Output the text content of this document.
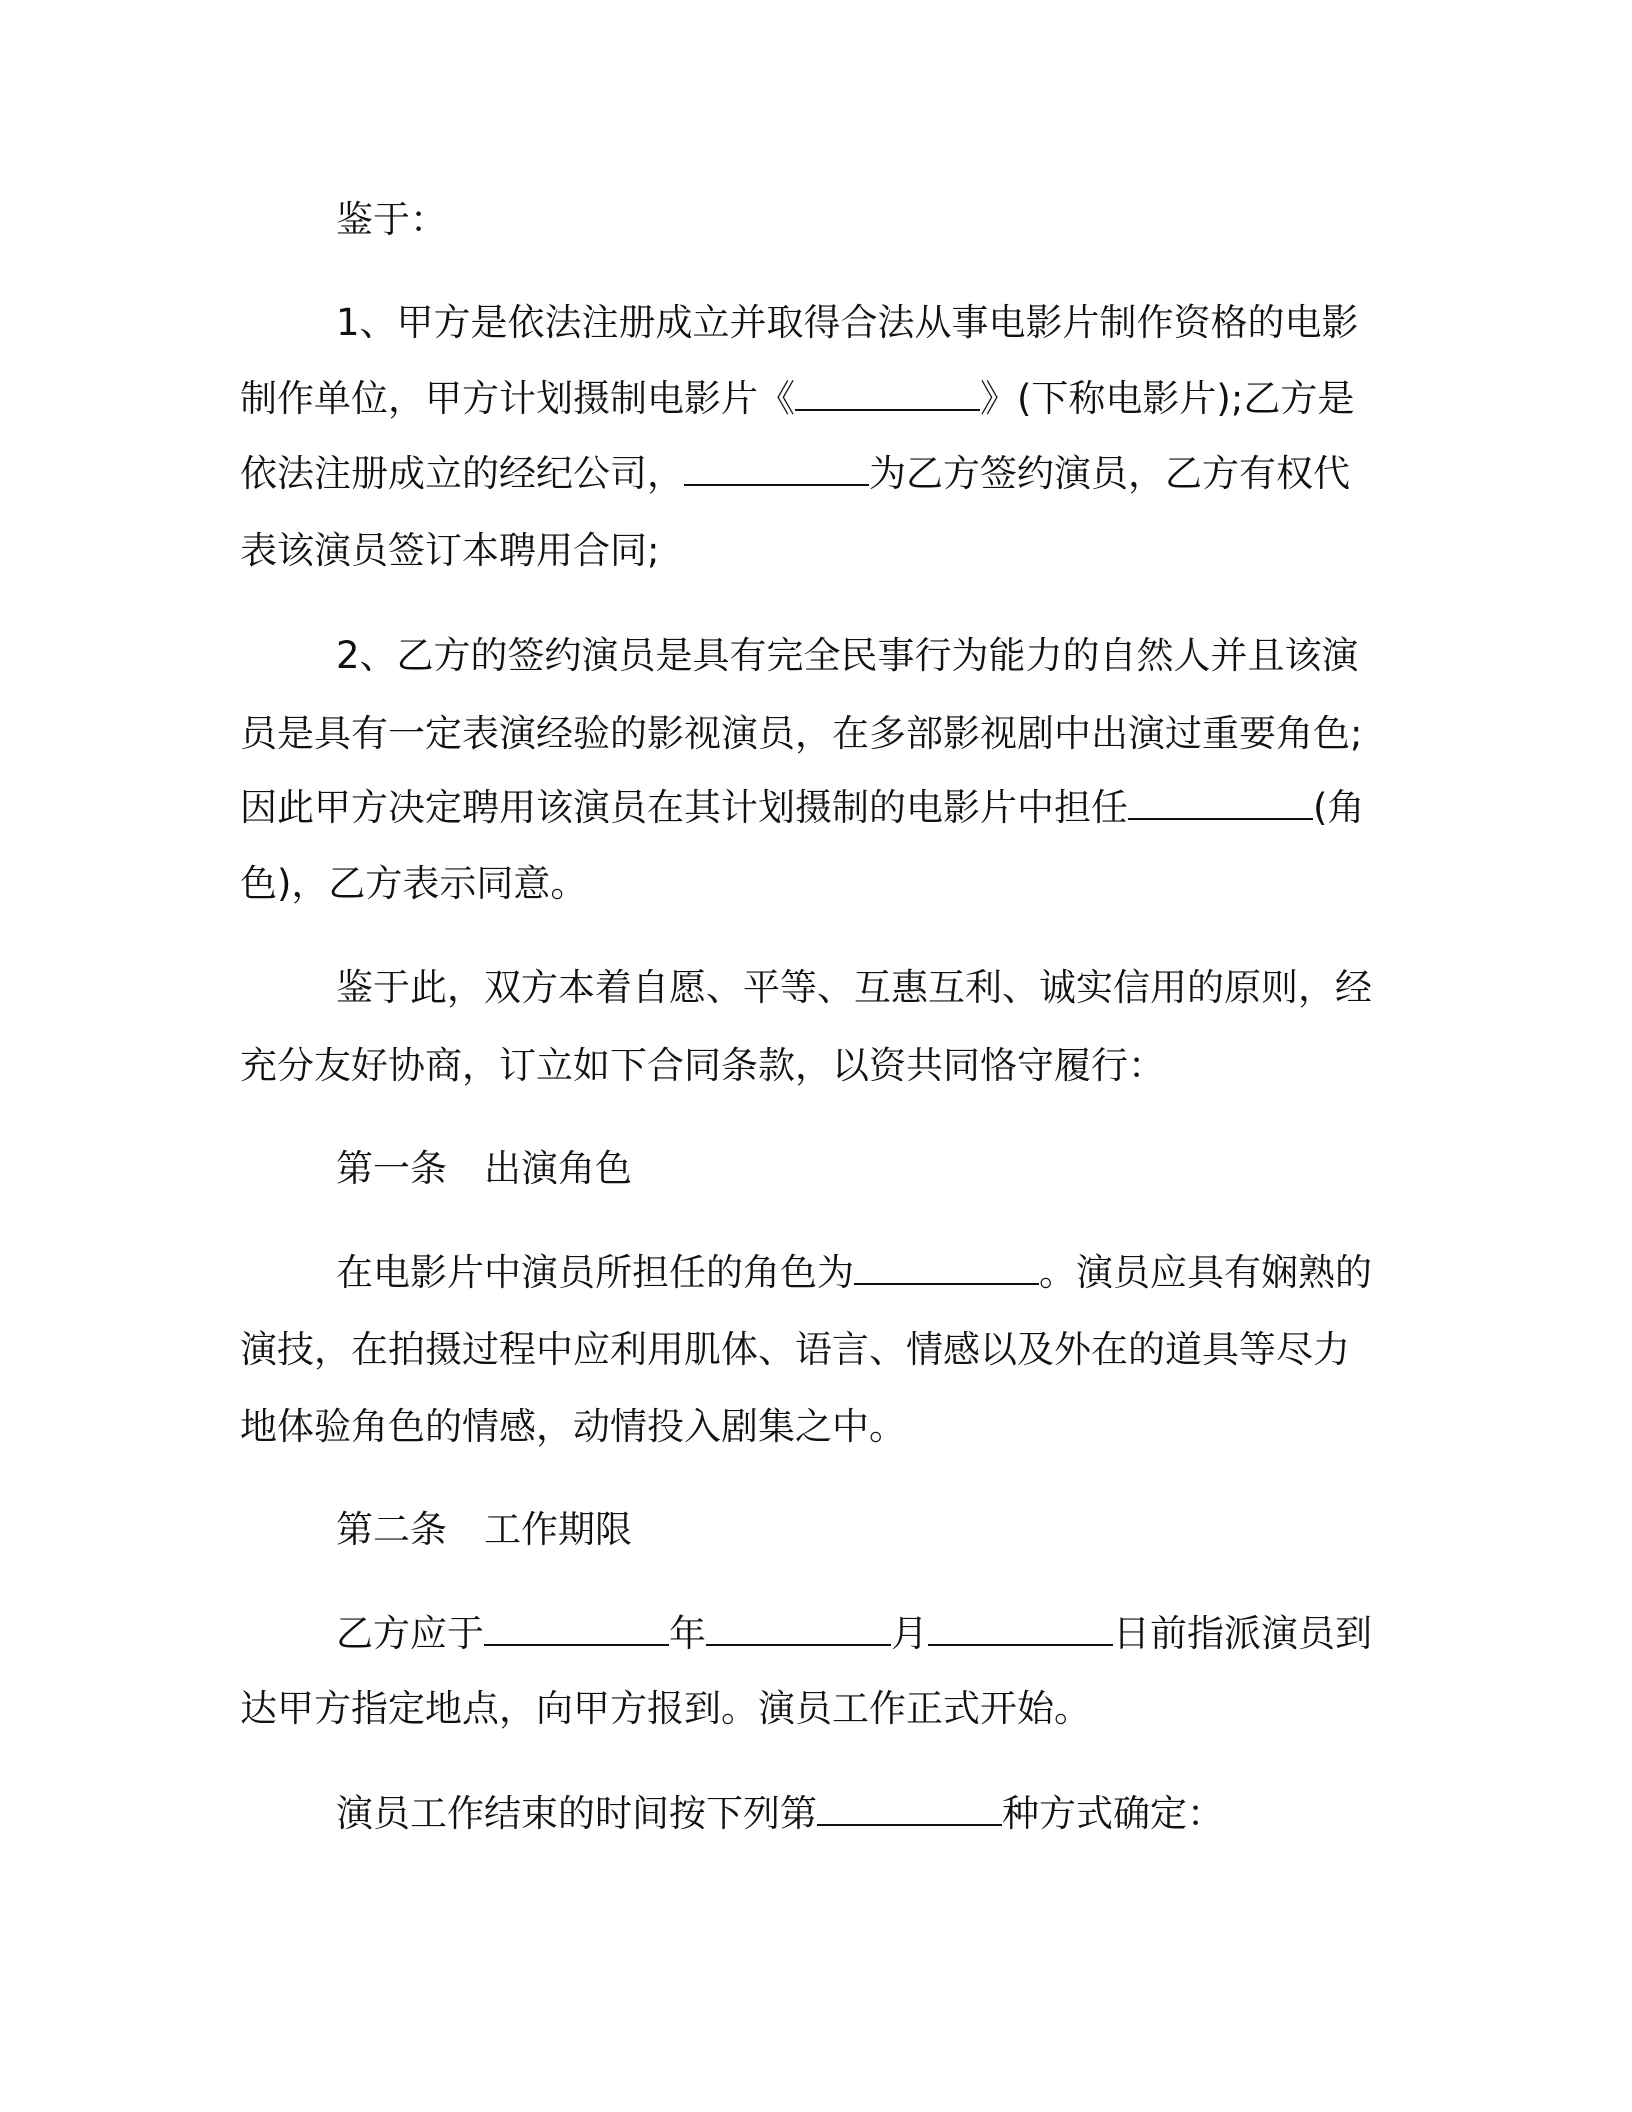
鉴于：
1、甲方是依法注册成立并取得合法从事电影片制作资格的电影
制作单位，甲方计划摄制电影片《	》(下称电影片);乙方是
依法注册成立的经纪公司，	为乙方签约演员，乙方有权代
表该演员签订本聘用合同;
2、乙方的签约演员是具有完全民事行为能力的自然人并且该演
员是具有一定表演经验的影视演员，在多部影视剧中出演过重要角色;
因此甲方决定聘用该演员在其计划摄制的电影片中担任	(角
色)，乙方表示同意。
鉴于此，双方本着自愿、平等、互惠互利、诚实信用的原则，经
充分友好协商，订立如下合同条款，以资共同恪守履行：
第一条　出演角色
在电影片中演员所担任的角色为	。演员应具有娴熟的
演技，在拍摄过程中应利用肌体、语言、情感以及外在的道具等尽力
地体验角色的情感，动情投入剧集之中。
第二条　工作期限
乙方应于	年	月	日前指派演员到
达甲方指定地点，向甲方报到。演员工作正式开始。
演员工作结束的时间按下列第	种方式确定：
